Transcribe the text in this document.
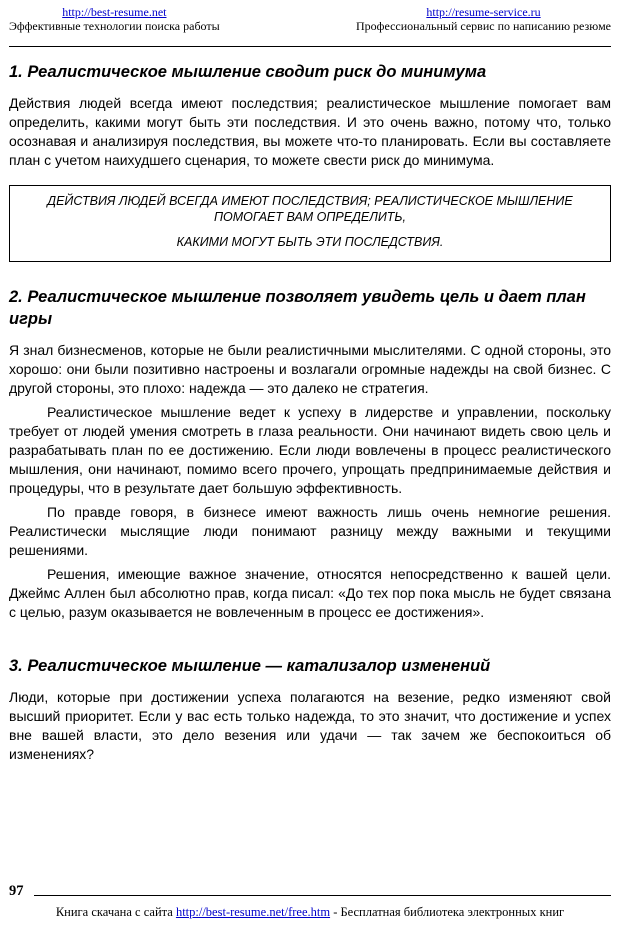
http://best-resume.net
Эффективные технологии поиска работы
http://resume-service.ru
Профессиональный сервис по написанию резюме
1. Реалистическое мышление сводит риск до минимума

Действия людей всегда имеют последствия; реалистическое мышление помогает вам определить, какими могут быть эти последствия. И это очень важно, потому что, только осознавая и анализируя последствия, вы можете что-то планировать. Если вы составляете план с учетом наихудшего сценария, то можете свести риск до минимума.

ДЕЙСТВИЯ ЛЮДЕЙ ВСЕГДА ИМЕЮТ ПОСЛЕДСТВИЯ; РЕАЛИСТИЧЕСКОЕ МЫШЛЕНИЕ ПОМОГАЕТ ВАМ ОПРЕДЕЛИТЬ,

КАКИМИ МОГУТ БЫТЬ ЭТИ ПОСЛЕДСТВИЯ.

2. Реалистическое мышление позволяет увидеть цель и дает план игры

Я знал бизнесменов, которые не были реалистичными мыслителями. С одной стороны, это хорошо: они были позитивно настроены и возлагали огромные надежды на свой бизнес. С другой стороны, это плохо: надежда — это далеко не стратегия.

Реалистическое мышление ведет к успеху в лидерстве и управлении, поскольку требует от людей умения смотреть в глаза реальности. Они начинают видеть свою цель и разрабатывать план по ее достижению. Если люди вовлечены в процесс реалистического мышления, они начинают, помимо всего прочего, упрощать предпринимаемые действия и процедуры, что в результате дает большую эффективность.

По правде говоря, в бизнесе имеют важность лишь очень немногие решения. Реалистически мыслящие люди понимают разницу между важными и текущими решениями.

Решения, имеющие важное значение, относятся непосредственно к вашей цели. Джеймс Аллен был абсолютно прав, когда писал: «До тех пор пока мысль не будет связана с целью, разум оказывается не вовлеченным в процесс ее достижения».

3. Реалистическое мышление — катализалор изменений

Люди, которые при достижении успеха полагаются на везение, редко изменяют свой высший приоритет. Если у вас есть только надежда, то это значит, что достижение и успех вне вашей власти, это дело везения или удачи — так зачем же беспокоиться об изменениях?

97
Книга скачана с сайта http://best-resume.net/free.htm - Бесплатная библиотека электронных книг
